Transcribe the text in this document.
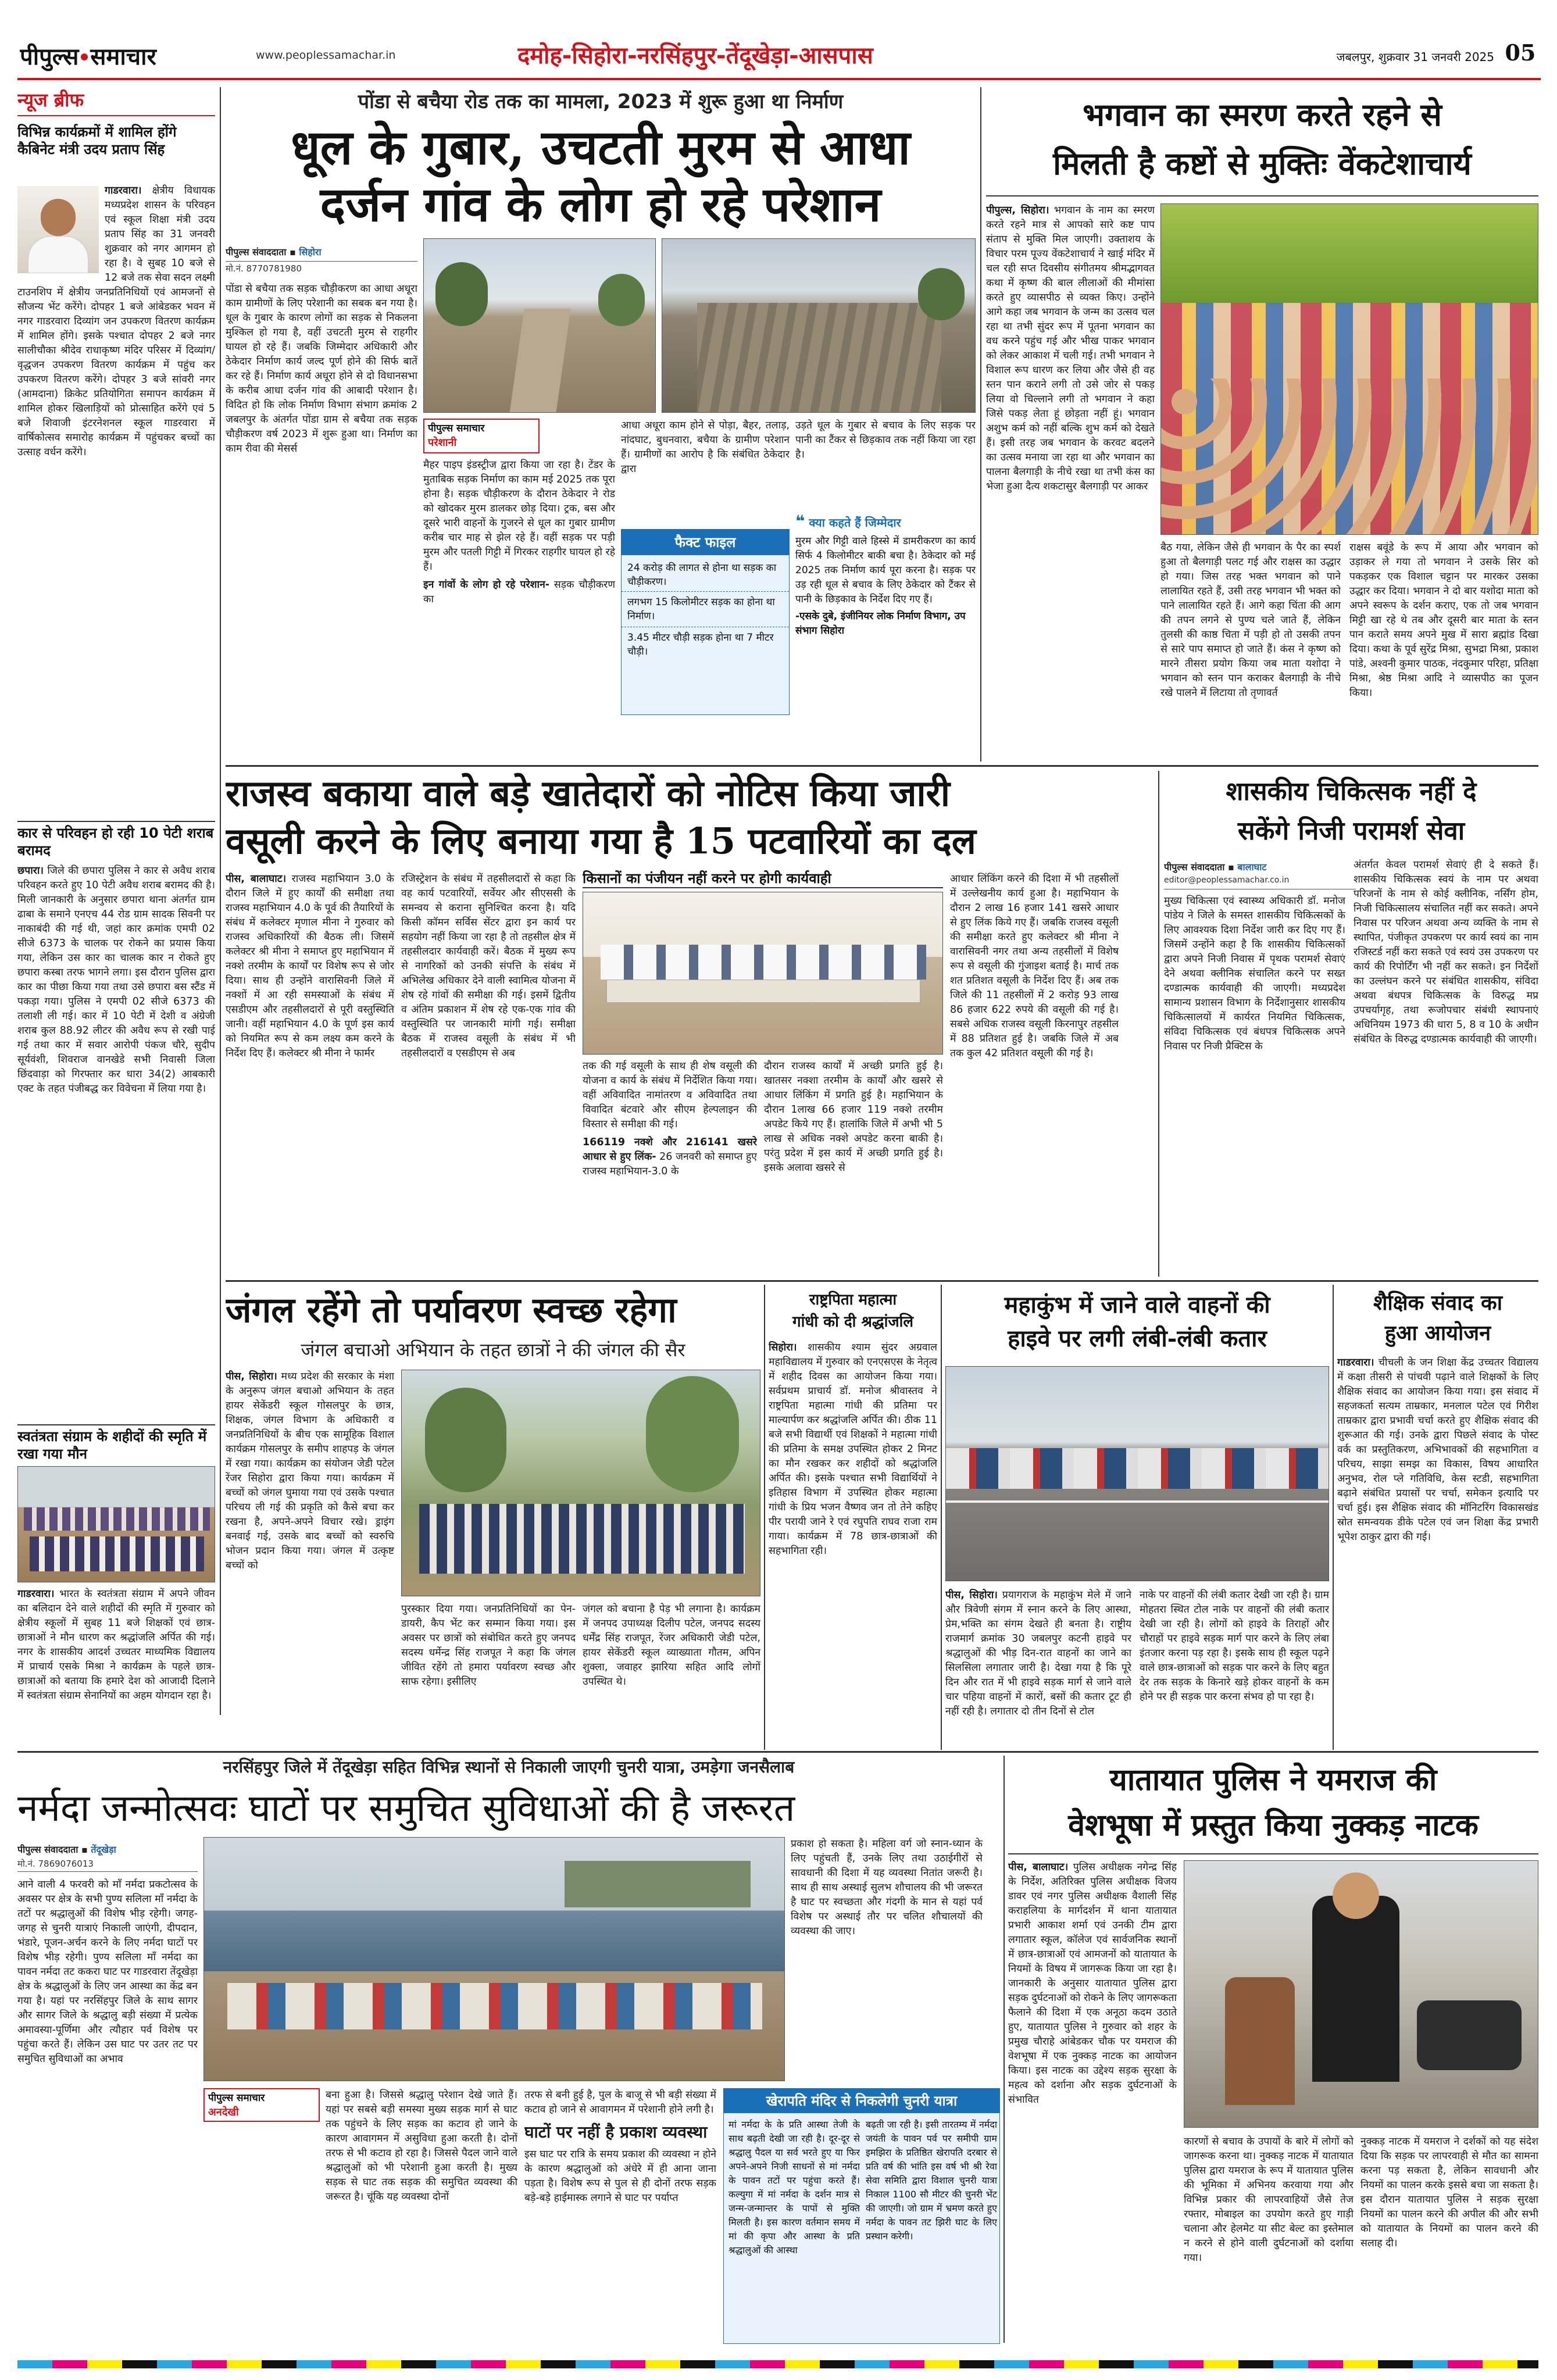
पीपुल्स समाचार	www.peoplessamachar.in	दमोह-सिहोरा-नरसिंहपुर-तेंदूखेड़ा-आसपास	जबलपुर, शुक्रवार 31 जनवरी 2025 05
न्यूज ब्रीफ
विभिन्न कार्यक्रमों में शामिल होंगे कैबिनेट मंत्री उदय प्रताप सिंह
गाडरवारा। क्षेत्रीय विधायक मध्यप्रदेश शासन के परिवहन एवं स्कूल शिक्षा मंत्री उदय प्रताप सिंह का 31 जनवरी शुक्रवार को नगर आगमन हो रहा है। वे सुबह 10 बजे से 12 बजे तक सेवा सदन लक्ष्मी टाउनशिप में क्षेत्रीय जनप्रतिनिधियों एवं आमजनों से सौजन्य भेंट करेंगे। दोपहर 1 बजे आंबेडकर भवन में नगर गाडरवारा दिव्यांग जन उपकरण वितरण कार्यक्रम में शामिल होंगे। इसके पश्चात दोपहर 2 बजे नगर सालीचौका श्रीदेव राधाकृष्ण मंदिर परिसर में दिव्यांग/वृद्धजन उपकरण वितरण कार्यक्रम में पहुंच कर उपकरण वितरण करेंगे। दोपहर 3 बजे सांवरी नगर (आमदाना) क्रिकेट प्रतियोगिता समापन कार्यक्रम में शामिल होकर खिलाड़ियों को प्रोत्साहित करेंगे एवं 5 बजे शिवाजी इंटरनेशनल स्कूल गाडरवारा में वार्षिकोत्सव समारोह कार्यक्रम में पहुंचकर बच्चों का उत्साह वर्धन करेंगे।
कार से परिवहन हो रही 10 पेटी शराब बरामद
छपारा। जिले की छपारा पुलिस ने कार से अवैध शराब परिवहन करते हुए 10 पेटी अवैध शराब बरामद की है। मिली जानकारी के अनुसार छपारा थाना अंतर्गत ग्राम ढाबा के समाने एनएच 44 रोड ग्राम सादक सिवनी पर नाकाबंदी की गई थी, जहां कार क्रमांक एमपी 02 सीजे 6373 के चालक पर रोकने का प्रयास किया गया, लेकिन उस कार का चालक कार न रोकते हुए छपारा कस्बा तरफ भागने लगा। इस दौरान पुलिस द्वारा कार का पीछा किया गया तथा उसे छपारा बस स्टैंड में पकड़ा गया। पुलिस ने एमपी 02 सीजे 6373 की तलाशी ली गई। कार में 10 पेटी में देशी व अंग्रेजी शराब कुल 88.92 लीटर की अवैध रूप से रखी पाई गई तथा कार में सवार आरोपी पंकज चौरे, सुदीप सूर्यवंशी, शिवराज वानखेडे सभी निवासी जिला छिंदवाड़ा को गिरफ्तार कर धारा 34(2) आबकारी एक्ट के तहत पंजीबद्ध कर विवेचना में लिया गया है।
स्वतंत्रता संग्राम के शहीदों की स्मृति में रखा गया मौन
गाडरवारा। भारत के स्वतंत्रता संग्राम में अपने जीवन का बलिदान देने वाले शहीदों की स्मृति में गुरुवार को क्षेत्रीय स्कूलों में सुबह 11 बजे शिक्षकों एवं छात्र-छात्राओं ने मौन धारण कर श्रद्धांजलि अर्पित की गई। नगर के शासकीय आदर्श उच्चतर माध्यमिक विद्यालय में प्राचार्य एसके मिश्रा ने कार्यक्रम के पहले छात्र-छात्राओं को बताया कि हमारे देश को आजादी दिलाने में स्वतंत्रता संग्राम सेनानियों का अहम योगदान रहा है।
पोंडा से बचैया रोड तक का मामला, 2023 में शुरू हुआ था निर्माण
धूल के गुबार, उचटती मुरम से आधा
दर्जन गांव के लोग हो रहे परेशान
पीपुल्स संवाददाता ▪ सिहोरा
मो.नं. 8770781980

पोंडा से बचैया तक सड़क चौड़ीकरण का आधा अधूरा काम ग्रामीणों के लिए परेशानी का सबक बन गया है। धूल के गुबार के कारण लोगों का सड़क से निकलना मुश्किल हो गया है, वहीं उचटती मुरम से राहगीर घायल हो रहे हैं। जबकि जिम्मेदार अधिकारी और ठेकेदार निर्माण कार्य जल्द पूर्ण होने की सिर्फ बातें कर रहे हैं। निर्माण कार्य अधूरा होने से दो विधानसभा के करीब आधा दर्जन गांव की आबादी परेशान है। विदित हो कि लोक निर्माण विभाग संभाग क्रमांक 2 जबलपुर के अंतर्गत पोंडा ग्राम से बचैया तक सड़क चौड़ीकरण वर्ष 2023 में शुरू हुआ था। निर्माण का काम रीवा की मेसर्स

पीपुल्स समाचार
परेशानी

मैहर पाइप इंडस्ट्रीज द्वारा किया जा रहा है। टेंडर के मुताबिक सड़क निर्माण का काम मई 2025 तक पूरा होना है। सड़क चौड़ीकरण के दौरान ठेकेदार ने रोड को खोदकर मुरम डालकर छोड़ दिया। ट्रक, बस और दूसरे भारी वाहनों के गुजरने से धूल का गुबार ग्रामीण करीब चार माह से झेल रहे हैं। वहीं सड़क पर पड़ी मुरम और पतली गिट्टी में गिरकर राहगीर घायल हो रहे हैं।

इन गांवों के लोग हो रहे परेशान- सड़क चौड़ीकरण का

आधा अधूरा काम होने से पोड़ा, बैहर, तलाड़, नांदघाट, बुधनवारा, बचैया के ग्रामीण परेशान हैं। ग्रामीणों का आरोप है कि संबंधित ठेकेदार द्वारा

उड़ते धूल के गुबार से बचाव के लिए सड़क पर पानी का टैंकर से छिड़काव तक नहीं किया जा रहा है।

फैक्ट फाइल
24 करोड़ की लागत से होना था सड़क का चौड़ीकरण।
लगभग 15 किलोमीटर सड़क का होना था निर्माण।
3.45 मीटर चौड़ी सड़क होना था 7 मीटर चौड़ी।
❝ क्या कहते हैं जिम्मेदार
मुरम और गिट्टी वाले हिस्से में डामरीकरण का कार्य सिर्फ 4 किलोमीटर बाकी बचा है। ठेकेदार को मई 2025 तक निर्माण कार्य पूरा करना है। सड़क पर उड़ रही धूल से बचाव के लिए ठेकेदार को टैंकर से पानी के छिड़काव के निर्देश दिए गए हैं।
-एसके दुबे, इंजीनियर लोक निर्माण विभाग, उप संभाग सिहोरा
भगवान का स्मरण करते रहने से
मिलती है कष्टों से मुक्तिः वेंकटेशाचार्य

पीपुल्स, सिहोरा। भगवान के नाम का स्मरण करते रहने मात्र से आपको सारे कष्ट पाप संताप से मुक्ति मिल जाएगी। उक्ताशय के विचार परम पूज्य वेंकटेशाचार्य ने खाई मंदिर में चल रही सप्त दिवसीय संगीतमय श्रीमद्भागवत कथा में कृष्ण की बाल लीलाओं की मीमांसा करते हुए व्यासपीठ से व्यक्त किए। उन्होंने आगे कहा जब भगवान के जन्म का उत्सव चल रहा था तभी सुंदर रूप में पूतना भगवान का वध करने पहुंच गई और भीख पाकर भगवान को लेकर आकाश में चली गई। तभी भगवान ने विशाल रूप धारण कर लिया और जैसे ही वह स्तन पान कराने लगी तो उसे जोर से पकड़ लिया वो चिल्लाने लगी तो भगवान ने कहा जिसे पकड़ लेता हूं छोड़ता नहीं हूं। भगवान अशुभ कर्म को नहीं बल्कि शुभ कर्म को देखते हैं। इसी तरह जब भगवान के करवट बदलने का उत्सव मनाया जा रहा था और भगवान का पालना बैलगाड़ी के नीचे रखा था तभी कंस का भेजा हुआ दैत्य शकटासुर बैलगाड़ी पर आकर

बैठ गया, लेकिन जैसे ही भगवान के पैर का स्पर्श हुआ तो बैलगाड़ी पलट गई और राक्षस का उद्धार हो गया। जिस तरह भक्त भगवान को पाने लालायित रहते हैं, उसी तरह भगवान भी भक्त को पाने लालायित रहते हैं। आगे कहा चिंता की आग की तपन लगने से पुण्य चले जाते हैं, लेकिन तुलसी की काष्ठ चिता में पड़ी हो तो उसकी तपन से सारे पाप समाप्त हो जाते हैं। कंस ने कृष्ण को मारने तीसरा प्रयोग किया जब माता यशोदा ने भगवान को स्तन पान कराकर बैलगाड़ी के नीचे रखे पालने में लिटाया तो तृणावर्त

राक्षस बवूंडे के रूप में आया और भगवान को उड़ाकर ले गया तो भगवान ने उसके सिर को पकड़कर एक विशाल चट्टान पर मारकर उसका उद्धार कर दिया। भगवान ने दो बार यशोदा माता को अपने स्वरूप के दर्शन कराए, एक तो जब भगवान मिट्टी खा रहे थे तब और दूसरी बार माता के स्तन पान कराते समय अपने मुख में सारा ब्रह्मांड दिखा दिया। कथा के पूर्व सुरेंद्र मिश्रा, सुभद्रा मिश्रा, प्रकाश पांडे, अश्वनी कुमार पाठक, नंदकुमार परिहा, प्रतिक्षा मिश्रा, श्रेष्ठ मिश्रा आदि ने व्यासपीठ का पूजन किया।

राजस्व बकाया वाले बड़े खातेदारों को नोटिस किया जारी
वसूली करने के लिए बनाया गया है 15 पटवारियों का दल

पीस, बालाघाट। राजस्व महाभियान 3.0 के दौरान जिले में हुए कार्यों की समीक्षा तथा राजस्व महाभियान 4.0 के पूर्व की तैयारियों के संबंध में कलेक्टर मृणाल मीना ने गुरुवार को राजस्व अधिकारियों की बैठक ली। जिसमें कलेक्टर श्री मीना ने समाप्त हुए महाभियान में नक्शे तरमीम के कार्यों पर विशेष रूप से जोर दिया। साथ ही उन्होंने वारासिवनी जिले में नक्शों में आ रही समस्याओं के संबंध में एसडीएम और तहसीलदारों से पूरी वस्तुस्थिति जानी। वहीं महाभियान 4.0 के पूर्ण इस कार्य को नियमित रूप से कम लक्ष्य कम करने के निर्देश दिए हैं। कलेक्टर श्री मीना ने फार्मर

रजिस्ट्रेशन के संबंध में तहसीलदारों से कहा कि वह कार्य पटवारियों, सर्वेयर और सीएससी के समन्वय से कराना सुनिश्चित करना है। यदि किसी कॉमन सर्विस सेंटर द्वारा इन कार्य पर सहयोग नहीं किया जा रहा है तो तहसील क्षेत्र में तहसीलदार कार्यवाही करें। बैठक में मुख्य रूप से नागरिकों को उनकी संपत्ति के संबंध में अभिलेख अधिकार देने वाली स्वामित्व योजना में शेष रहे गांवों की समीक्षा की गई। इसमें द्वितीय व अंतिम प्रकाशन में शेष रहे एक-एक गांव की वस्तुस्थिति पर जानकारी मांगी गई। समीक्षा बैठक में राजस्व वसूली के संबंध में भी तहसीलदारों व एसडीएम से अब

किसानों का पंजीयन नहीं करने पर होगी कार्यवाही

तक की गई वसूली के साथ ही शेष वसूली की योजना व कार्य के संबंध में निर्देशित किया गया। वहीं अविवादित नामांतरण व अविवादित तथा विवादित बंटवारे और सीएम हेल्पलाइन की विस्तार से समीक्षा की गई।

166119 नक्शे और 216141 खसरे आधार से हुए लिंक- 26 जनवरी को समाप्त हुए राजस्व महाभियान-3.0 के

दौरान राजस्व कार्यों में अच्छी प्रगति हुई है। खातसर नक्शा तरमीम के कार्यों और खसरे से आधार लिंकिंग में प्रगति हुई है। महाभियान के दौरान 1लाख 66 हजार 119 नक्शे तरमीम अपडेट किये गए हैं। हालांकि जिले में अभी भी 5 लाख से अधिक नक्शे अपडेट करना बाकी है। परंतु प्रदेश में इस कार्य में अच्छी प्रगति हुई है। इसके अलावा खसरे से

आधार लिंकिंग करने की दिशा में भी तहसीलों में उल्लेखनीय कार्य हुआ है। महाभियान के दौरान 2 लाख 16 हजार 141 खसरे आधार से हुए लिंक किये गए हैं। जबकि राजस्व वसूली की समीक्षा करते हुए कलेक्टर श्री मीना ने वारासिवनी नगर तथा अन्य तहसीलों में विशेष रूप से वसूली की गुंजाइश बताई है। मार्च तक शत प्रतिशत वसूली के निर्देश दिए हैं। अब तक जिले की 11 तहसीलों में 2 करोड़ 93 लाख 86 हजार 622 रुपये की वसूली की गई है। सबसे अधिक राजस्व वसूली किरनापुर तहसील में 88 प्रतिशत हुई है। जबकि जिले में अब तक कुल 42 प्रतिशत वसूली की गई है।

शासकीय चिकित्सक नहीं दे
सकेंगे निजी परामर्श सेवा
पीपुल्स संवाददाता ▪ बालाघाट
editor@peoplessamachar.co.in

मुख्य चिकित्सा एवं स्वास्थ्य अधिकारी डॉ. मनोज पांडेय ने जिले के समस्त शासकीय चिकित्सकों के लिए आवश्यक दिशा निर्देश जारी कर दिए गए हैं। जिसमें उन्होंने कहा है कि शासकीय चिकित्सकों द्वारा अपने निजी निवास में पृथक परामर्श सेवाएं देने अथवा क्लीनिक संचालित करने पर सख्त दण्डात्मक कार्यवाही की जाएगी। मध्यप्रदेश सामान्य प्रशासन विभाग के निर्देशानुसार शासकीय चिकित्सालयों में कार्यरत नियमित चिकित्सक, संविदा चिकित्सक एवं बंधपत्र चिकित्सक अपने निवास पर निजी प्रैक्टिस के

अंतर्गत केवल परामर्श सेवाएं ही दे सकते हैं। शासकीय चिकित्सक स्वयं के नाम पर अथवा परिजनों के नाम से कोई क्लीनिक, नर्सिंग होम, निजी चिकित्सालय संचालित नहीं कर सकते। अपने निवास पर परिजन अथवा अन्य व्यक्ति के नाम से स्थापित, पंजीकृत उपकरण पर कार्य स्वयं का नाम रजिस्टर्ड नहीं करा सकते एवं स्वयं उस उपकरण पर कार्य की रिपोर्टिंग भी नहीं कर सकते। इन निर्देशों का उल्लंघन करने पर संबंधित शासकीय, संविदा अथवा बंधपत्र चिकित्सक के विरुद्ध मप्र उपचर्यागृह, तथा रूजोपचार संबंधी स्थापनाएं अधिनियम 1973 की धारा 5, 8 व 10 के अधीन संबंधित के विरुद्ध दण्डात्मक कार्यवाही की जाएगी।

जंगल रहेंगे तो पर्यावरण स्वच्छ रहेगा
जंगल बचाओ अभियान के तहत छात्रों ने की जंगल की सैर

पीस, सिहोरा। मध्य प्रदेश की सरकार के मंशा के अनुरूप जंगल बचाओ अभियान के तहत हायर सेकेंडरी स्कूल गोसलपुर के छात्र, शिक्षक, जंगल विभाग के अधिकारी व जनप्रतिनिधियों के बीच एक सामूहिक विशाल कार्यक्रम गोसलपुर के समीप शाहपड़ के जंगल में रखा गया। कार्यक्रम का संयोजन जेडी पटेल रेंजर सिहोरा द्वारा किया गया। कार्यक्रम में बच्चों को जंगल घुमाया गया एवं उसके पश्चात परिचय ली गई की प्रकृति को कैसे बचा कर रखना है, अपने-अपने विचार रखे। ड्राइंग बनवाई गई, उसके बाद बच्चों को स्वरुचि भोजन प्रदान किया गया। जंगल में उत्कृष्ट बच्चों को

पुरस्कार दिया गया। जनप्रतिनिधियों का पेन-डायरी, कैप भेंट कर सम्मान किया गया। इस अवसर पर छात्रों को संबोधित करते हुए जनपद सदस्य धर्मेन्द्र सिंह राजपूत ने कहा कि जंगल जीवित रहेंगे तो हमारा पर्यावरण स्वच्छ और साफ रहेगा। इसीलिए

जंगल को बचाना है पेड़ भी लगाना है। कार्यक्रम में जनपद उपाध्यक्ष दिलीप पटेल, जनपद सदस्य धर्मेंद्र सिंह राजपूत, रेंजर अधिकारी जेडी पटेल, हायर सेकेंडरी स्कूल व्याख्याता गौतम, अपिन शुक्ला, जवाहर झारिया सहित आदि लोगों उपस्थित थे।

राष्ट्रपिता महात्मा
गांधी को दी श्रद्धांजलि

सिहोरा। शासकीय श्याम सुंदर अग्रवाल महाविद्यालय में गुरुवार को एनएसएस के नेतृत्व में शहीद दिवस का आयोजन किया गया। सर्वप्रथम प्राचार्य डॉ. मनोज श्रीवास्तव ने राष्ट्रपिता महात्मा गांधी की प्रतिमा पर माल्यार्पण कर श्रद्धांजलि अर्पित की। ठीक 11 बजे सभी विद्यार्थी एवं शिक्षकों ने महात्मा गांधी की प्रतिमा के समक्ष उपस्थित होकर 2 मिनट का मौन रखकर कर शहीदों को श्रद्धांजलि अर्पित की। इसके पश्चात सभी विद्यार्थियों ने इतिहास विभाग में उपस्थित होकर महात्मा गांधी के प्रिय भजन वैष्णव जन तो तेने कहिए पीर परायी जाने रे एवं रघुपति राघव राजा राम गाया। कार्यक्रम में 78 छात्र-छात्राओं की सहभागिता रही।

महाकुंभ में जाने वाले वाहनों की
हाइवे पर लगी लंबी-लंबी कतार

पीस, सिहोरा। प्रयागराज के महाकुंभ मेले में जाने और त्रिवेणी संगम में स्नान करने के लिए आस्था, प्रेम,भक्ति का संगम देखते ही बनता है। राष्ट्रीय राजमार्ग क्रमांक 30 जबलपुर कटनी हाइवे पर श्रद्धालुओं की भीड़ दिन-रात वाहनों का जाने का सिलसिला लगातार जारी है। देखा गया है कि पूरे दिन और रात में भी हाइवे सड़क मार्ग से जाने वाले चार पहिया वाहनों में कारों, बसों की कतार टूट ही नहीं रही है। लगातार दो तीन दिनों से टोल

नाके पर वाहनों की लंबी कतार देखी जा रही है। ग्राम मोहतरा स्थित टोल नाके पर वाहनों की लंबी कतार देखी जा रही है। लोगों को हाइवे के तिराहों और चौराहों पर हाइवे सड़क मार्ग पार करने के लिए लंबा इंतजार करना पड़ रहा है। इसके साथ ही स्कूल पढ़ने वाले छात्र-छात्राओं को सड़क पार करने के लिए बहुत देर तक सड़क के किनारे खड़े होकर वाहनों के कम होने पर ही सड़क पार करना संभव हो पा रहा है।

शैक्षिक संवाद का
हुआ आयोजन

गाडरवारा। चीचली के जन शिक्षा केंद्र उच्चतर विद्यालय में कक्षा तीसरी से पांचवी पढ़ाने वाले शिक्षकों के लिए शैक्षिक संवाद का आयोजन किया गया। इस संवाद में सहजकर्ता सत्यम ताम्रकार, मनलाल पटेल एवं गिरीश ताम्रकार द्वारा प्रभावी चर्चा करते हुए शैक्षिक संवाद की शुरूआत की गई। उनके द्वारा पिछले संवाद के पोस्ट वर्क का प्रस्तुतिकरण, अभिभावकों की सहभागिता व परिचय, साझा समझ का विकास, विषय आधारित अनुभव, रोल प्ले गतिविधि, केस स्टडी, सहभागिता बढ़ाने संबंधित प्रयासों पर चर्चा, समेकन इत्यादि पर चर्चा हुई। इस शैक्षिक संवाद की मॉनिटरिंग विकासखंड स्रोत समन्वयक डीके पटेल एवं जन शिक्षा केंद्र प्रभारी भूपेश ठाकुर द्वारा की गई।

नरसिंहपुर जिले में तेंदूखेड़ा सहित विभिन्न स्थानों से निकाली जाएगी चुनरी यात्रा, उमड़ेगा जनसैलाब
नर्मदा जन्मोत्सवः घाटों पर समुचित सुविधाओं की है जरूरत
पीपुल्स संवाददाता ▪ तेंदूखेड़ा
मो.नं. 7869076013

आने वाली 4 फरवरी को माँ नर्मदा प्रकटोत्सव के अवसर पर क्षेत्र के सभी पुण्य सलिला माँ नर्मदा के तटों पर श्रद्धालुओं की विशेष भीड़ रहेगी। जगह-जगह से चुनरी यात्राएं निकाली जाएंगी, दीपदान, भंडारे, पूजन-अर्चन करने के लिए नर्मदा घाटों पर विशेष भीड़ रहेगी। पुण्य सलिला माँ नर्मदा का पावन नर्मदा तट ककरा घाट पर गाडरवारा तेंदूखेड़ा क्षेत्र के श्रद्धालुओं के लिए जन आस्था का केंद्र बन गया है। यहां पर नरसिंहपुर जिले के साथ सागर और सागर जिले के श्रद्धालु बड़ी संख्या में प्रत्येक अमावस्या-पूर्णिमा और त्यौहार पर्व विशेष पर पहुंचा करते हैं। लेकिन उस घाट पर उतर तट पर समुचित सुविधाओं का अभाव

पीपुल्स समाचार
अनदेखी

बना हुआ है। जिससे श्रद्धालु परेशान देखे जाते हैं। यहां पर सबसे बड़ी समस्या मुख्य सड़क मार्ग से घाट तक पहुंचने के लिए सड़क का कटाव हो जाने के कारण आवागमन में असुविधा हुआ करती है। दोनों तरफ से भी कटाव हो रहा है। जिससे पैदल जाने वाले श्रद्धालुओं को भी परेशानी हुआ करती है। मुख्य सड़क से घाट तक सड़क की समुचित व्यवस्था की जरूरत है। चूंकि यह व्यवस्था दोनों

तरफ से बनी हुई है, पुल के बाजू से भी बड़ी संख्या में कटाव हो जाने से आवागमन में परेशानी होने लगी है।

घाटों पर नहीं है प्रकाश व्यवस्था

इस घाट पर रात्रि के समय प्रकाश की व्यवस्था न होने के कारण श्रद्धालुओं को अंधेरे में ही आना जाना पड़ता है। विशेष रूप से पुल से ही दोनों तरफ सड़क बड़े-बड़े हाईमास्क लगाने से घाट पर पर्याप्त

प्रकाश हो सकता है। महिला वर्ग जो स्नान-ध्यान के लिए पहुंचती हैं, उनके लिए तथा उठाईगीरों से सावधानी की दिशा में यह व्यवस्था नितांत जरूरी है। साथ ही साथ अस्थाई सुलभ शौचालय की भी जरूरत है घाट पर स्वच्छता और गंदगी के मान से यहां पर्व विशेष पर अस्थाई तौर पर चलित शौचालयों की व्यवस्था की जाए।

खेरापति मंदिर से निकलेगी चुनरी यात्रा
मां नर्मदा के के प्रति आस्था तेजी के साथ बढ़ती देखी जा रही है। दूर-दूर से श्रद्धालु पैदल या सर्व भरते हुए या फिर अपने-अपने निजी साधनों से मां नर्मदा के पावन तटों पर पहुंचा करते हैं। कल्युगा में मां नर्मदा के दर्शन मात्र से जन्म-जन्मान्तर के पापों से मुक्ति मिलती है। इस कारण वर्तमान समय में मां की कृपा और आस्था के प्रति श्रद्धालुओं की आस्था
बढ़ती जा रही है। इसी तारतम्य में नर्मदा जयंती के पावन पर्व पर समीपी ग्राम इमझिरा के प्रतिष्ठित खेरापति दरबार से प्रति वर्ष की भांति इस वर्ष भी श्री रेवा सेवा समिति द्वारा विशाल चुनरी यात्रा निकाल 1100 सौ मीटर की चुनरी भेंट की जाएगी। जो ग्राम में भ्रमण करते हुए नर्मदा के पावन तट झिरी घाट के लिए प्रस्थान करेगी।
यातायात पुलिस ने यमराज की
वेशभूषा में प्रस्तुत किया नुक्कड़ नाटक

पीस, बालाघाट। पुलिस अधीक्षक नगेन्द्र सिंह के निर्देश, अतिरिक्त पुलिस अधीक्षक विजय डावर एवं नगर पुलिस अधीक्षक वैशाली सिंह कराहलिया के मार्गदर्शन में थाना यातायात प्रभारी आकाश शर्मा एवं उनकी टीम द्वारा लगातार स्कूल, कॉलेज एवं सार्वजनिक स्थानों में छात्र-छात्राओं एवं आमजनों को यातायात के नियमों के विषय में जागरूक किया जा रहा है। जानकारी के अनुसार यातायात पुलिस द्वारा सड़क दुर्घटनाओं को रोकने के लिए जागरूकता फैलाने की दिशा में एक अनूठा कदम उठाते हुए, यातायात पुलिस ने गुरुवार को शहर के प्रमुख चौराहे आंबेडकर चौक पर यमराज की वेशभूषा में एक नुक्कड़ नाटक का आयोजन किया। इस नाटक का उद्देश्य सड़क सुरक्षा के महत्व को दर्शाना और सड़क दुर्घटनाओं के संभावित

कारणों से बचाव के उपायों के बारे में लोगों को जागरूक करना था। नुक्कड़ नाटक में यातायात पुलिस द्वारा यमराज के रूप में यातायात पुलिस की भूमिका में अभिनय करवाया गया और विभिन्न प्रकार की लापरवाहियों जैसे तेज रफ्तार, मोबाइल का उपयोग करते हुए गाड़ी चलाना और हेलमेट या सीट बेल्ट का इस्तेमाल न करने से होने वाली दुर्घटनाओं को दर्शाया गया।

नुक्कड़ नाटक में यमराज ने दर्शकों को यह संदेश दिया कि सड़क पर लापरवाही से मौत का सामना करना पड़ सकता है, लेकिन सावधानी और नियमों का पालन करके इससे बचा जा सकता है। इस दौरान यातायात पुलिस ने सड़क सुरक्षा नियमों का पालन करने की अपील की और सभी को यातायात के नियमों का पालन करने की सलाह दी।
